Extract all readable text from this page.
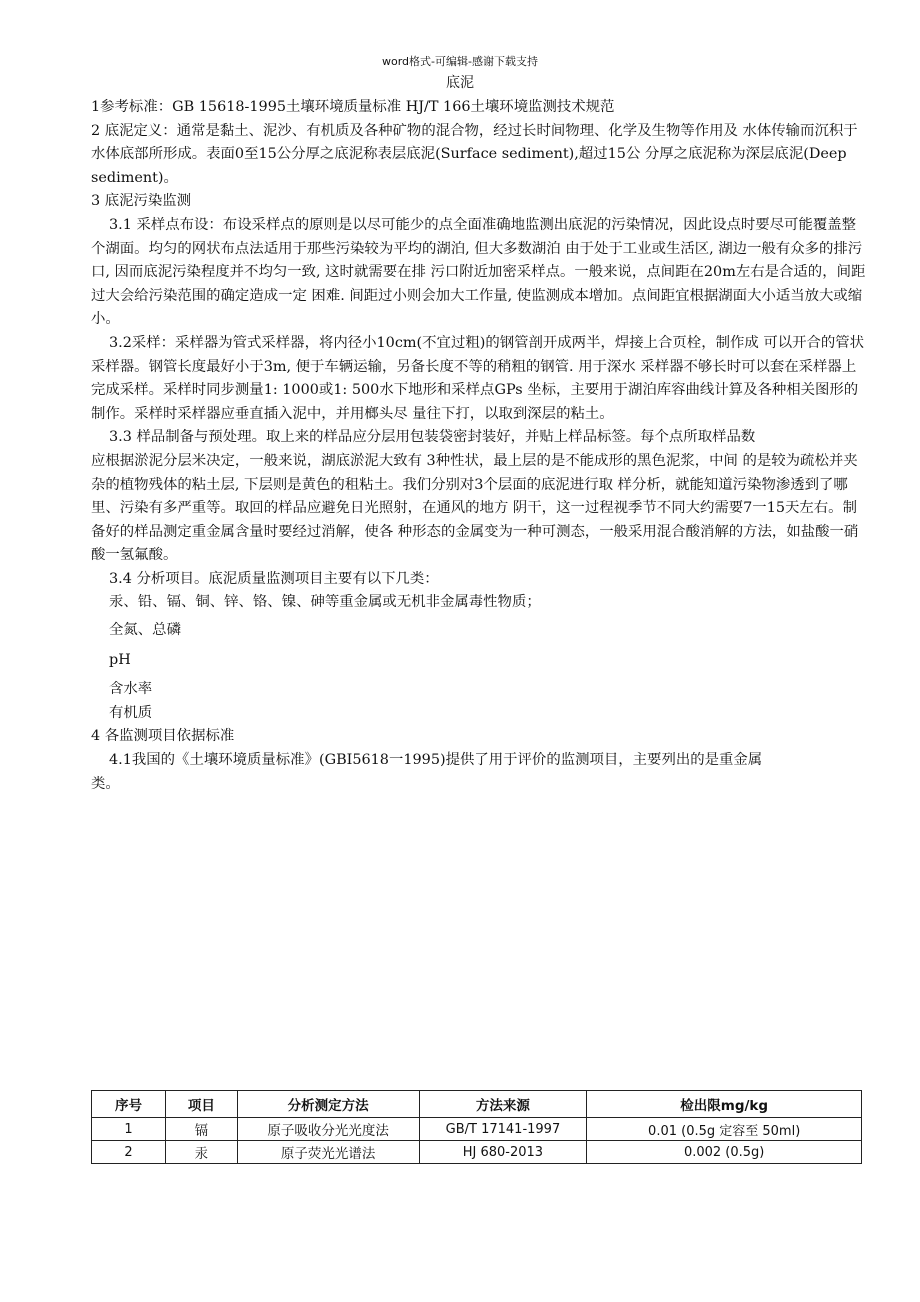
word格式-可编辑-感谢下载支持
底泥

1参考标准：GB 15618-1995土壤环境质量标准 HJ/T 166土壤环境监测技术规范

2 底泥定义：通常是黏土、泥沙、有机质及各种矿物的混合物，经过长时间物理、化学及生物等作用及 水体传输而沉积于水体底部所形成。表面0至15公分厚之底泥称表层底泥(Surface sediment),超过15公 分厚之底泥称为深层底泥(Deep sediment)。

3 底泥污染监测

3.1 采样点布设：布设采样点的原则是以尽可能少的点全面准确地监测出底泥的污染情况，因此设点时要尽可能覆盖整个湖面。均匀的网状布点法适用于那些污染较为平均的湖泊, 但大多数湖泊 由于处于工业或生活区, 湖边一般有众多的排污口, 因而底泥污染程度并不均匀一致, 这时就需要在排 污口附近加密采样点。一般来说，点间距在20m左右是合适的，间距过大会给污染范围的确定造成一定 困难. 间距过小则会加大工作量, 使监测成本增加。点间距宜根据湖面大小适当放大或缩小。

3.2采样：采样器为管式采样器，将内径小10cm(不宜过粗)的钢管剖开成两半，焊接上合页栓，制作成 可以开合的管状采样器。钢管长度最好小于3m, 便于车辆运输，另备长度不等的稍粗的钢管. 用于深水 采样器不够长时可以套在采样器上完成采样。采样时同步测量1: 1000或1: 500水下地形和采样点GPs 坐标，主要用于湖泊库容曲线计算及各种相关图形的制作。采样时采样器应垂直插入泥中，并用榔头尽 量往下打，以取到深层的粘土。

3.3 样品制备与预处理。取上来的样品应分层用包装袋密封装好，并贴上样品标签。每个点所取样品数

应根据淤泥分层米决定，一般来说，湖底淤泥大致有 3种性状，最上层的是不能成形的黑色泥浆，中间 的是较为疏松并夹杂的植物残体的粘土层, 下层则是黄色的租粘土。我们分别对3个层面的底泥进行取 样分析，就能知道污染物渗透到了哪里、污染有多严重等。取回的样品应避免日光照射，在通风的地方 阴干，这一过程视季节不同大约需要7一15天左右。制备好的样品测定重金属含量时要经过消解，使各 种形态的金属变为一种可测态，一般采用混合酸消解的方法，如盐酸一硝酸一氢氟酸。

3.4 分析项目。底泥质量监测项目主要有以下几类：

汞、铅、镉、铜、锌、铬、镍、砷等重金属或无机非金属毒性物质；

全氮、总磷

pH

含水率

有机质

4 各监测项目依据标准

4.1我国的《土壤环境质量标准》(GBI5618一1995)提供了用于评价的监测项目，主要列出的是重金属

类。

序号	项目	分析测定方法	方法来源	检出限mg/kg
1	镉	原子吸收分光光度法	GB/T 17141-1997	0.01 (0.5g 定容至 50ml)
2	汞	原子荧光光谱法	HJ 680-2013	0.002 (0.5g)
